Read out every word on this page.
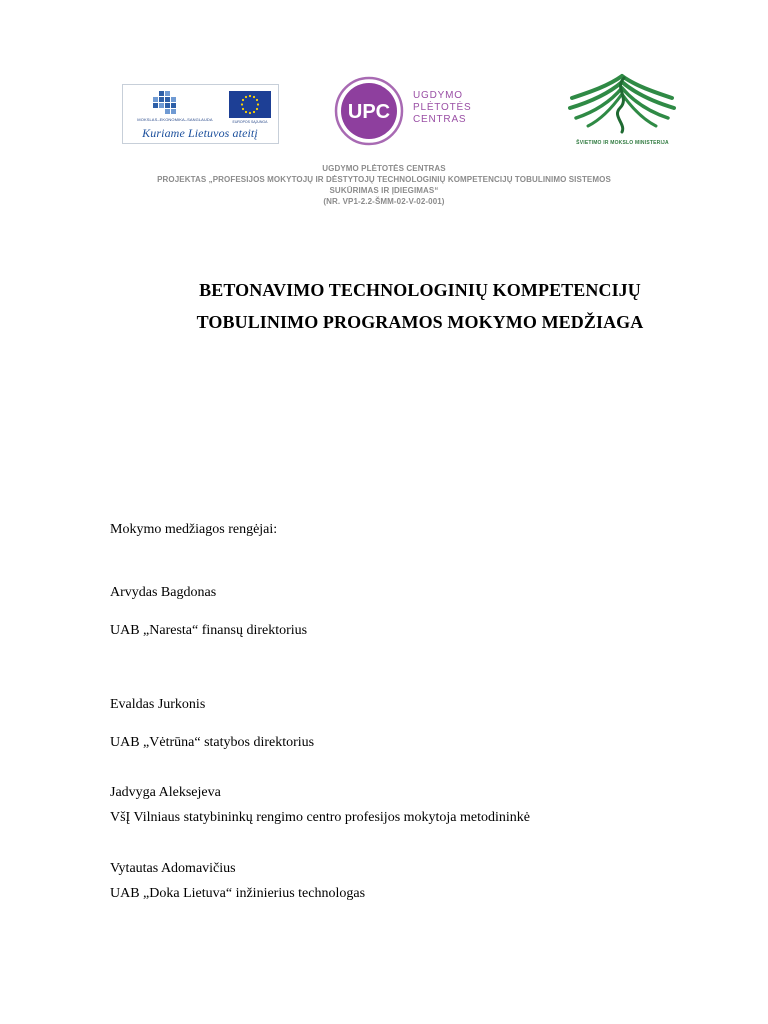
MOKSLAS–EKONOMIKA–SANGLAUDA	EUROPOS SĄJUNGA
Kuriame Lietuvos ateitį
UPC
UGDYMO
PLĖTOTĖS
CENTRAS
ŠVIETIMO IR MOKSLO MINISTERIJA
UGDYMO PLĖTOTĖS CENTRAS
PROJEKTAS „PROFESIJOS MOKYTOJŲ IR DĖSTYTOJŲ TECHNOLOGINIŲ KOMPETENCIJŲ TOBULINIMO SISTEMOS
SUKŪRIMAS IR ĮDIEGIMAS“
(NR. VP1-2.2-ŠMM-02-V-02-001)
BETONAVIMO TECHNOLOGINIŲ KOMPETENCIJŲ
TOBULINIMO PROGRAMOS MOKYMO MEDŽIAGA
Mokymo medžiagos rengėjai:
Arvydas Bagdonas
UAB „Naresta“ finansų direktorius
Evaldas Jurkonis
UAB „Vėtrūna“ statybos direktorius
Jadvyga Aleksejeva
VšĮ Vilniaus statybininkų rengimo centro profesijos mokytoja metodininkė
Vytautas Adomavičius
UAB „Doka Lietuva“ inžinierius technologas
